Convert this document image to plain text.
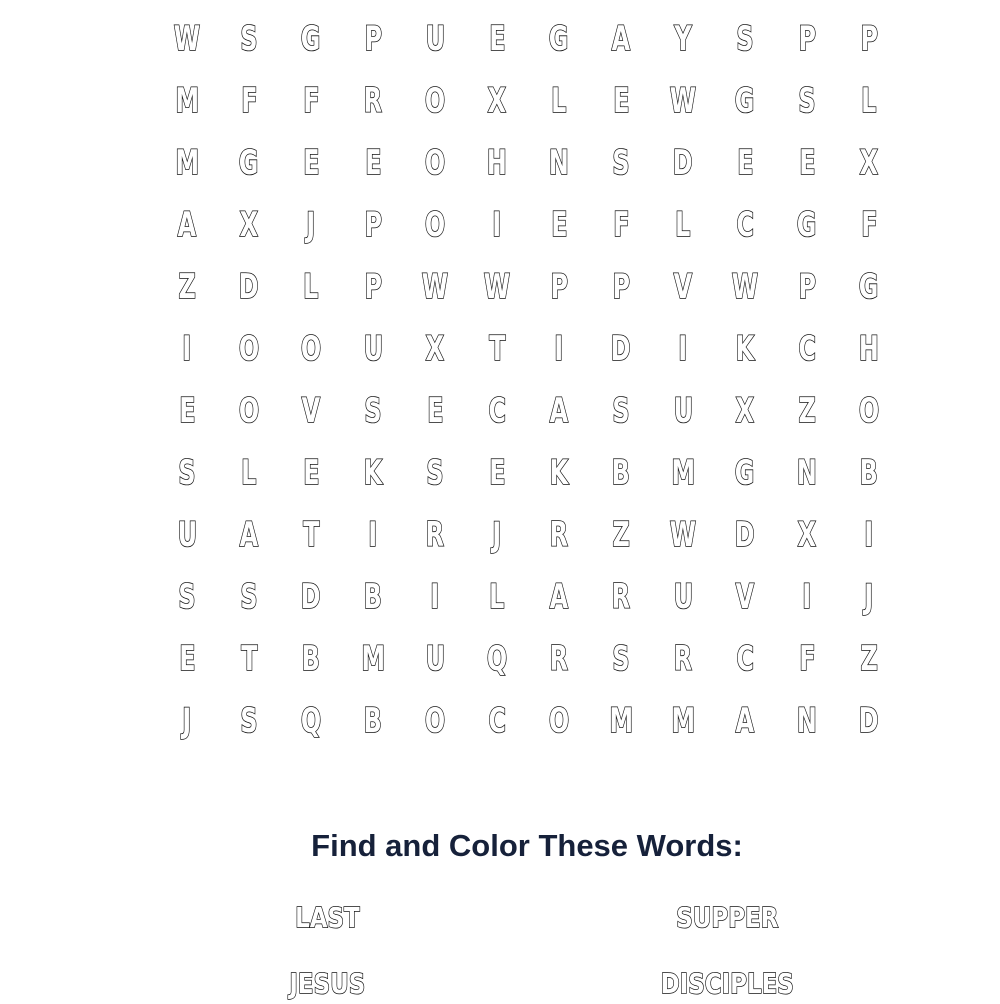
W S G P U E G A Y S P P
M F F R O X L E W G S L
M G E E O H N S D E E X
A X J P O I E F L C G F
Z D L P W W P P V W P G
I O O U X T I D I K C H
E O V S E C A S U X Z O
S L E K S E K B M G N B
U A T I R J R Z W D X I
S S D B I L A R U V I J
E T B M U Q R S R C F Z
J S Q B O C O M M A N D
Find and Color These Words:
LAST	SUPPER
JESUS	DISCIPLES
